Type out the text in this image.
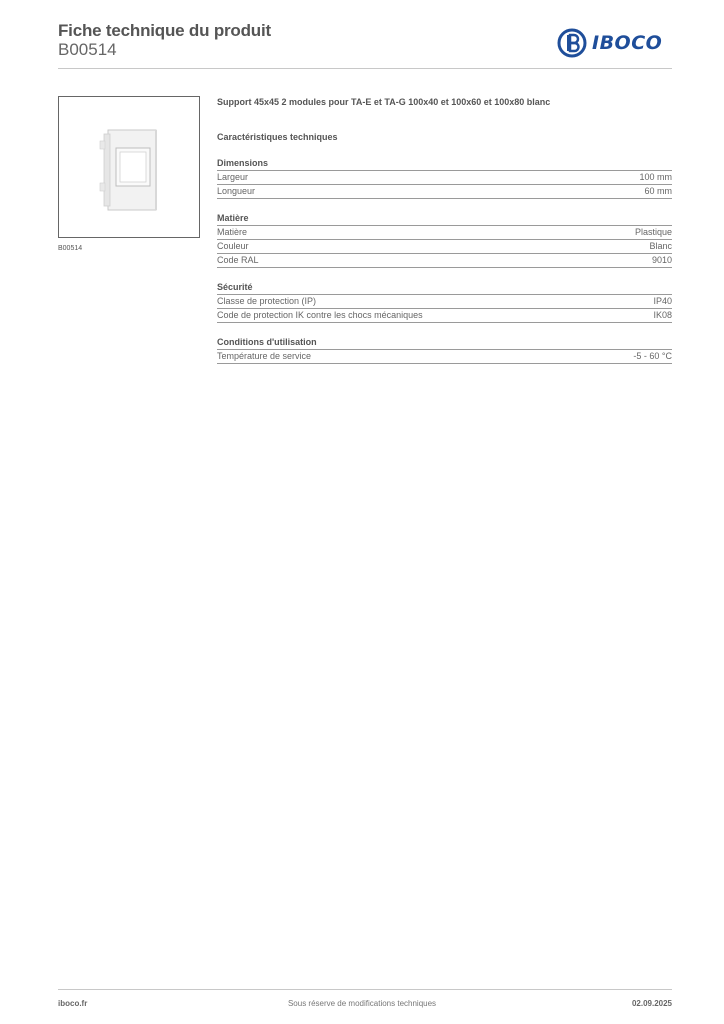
Fiche technique du produit
B00514	IBOCO
B00514
Support 45x45 2 modules pour TA-E et TA-G 100x40 et 100x60 et 100x80 blanc
Caractéristiques techniques
Dimensions
Largeur	100 mm
Longueur	60 mm
Matière
Matière	Plastique
Couleur	Blanc
Code RAL	9010
Sécurité
Classe de protection (IP)	IP40
Code de protection IK contre les chocs mécaniques	IK08
Conditions d'utilisation
Température de service	-5 - 60 °C
iboco.fr	Sous réserve de modifications techniques	02.09.2025
